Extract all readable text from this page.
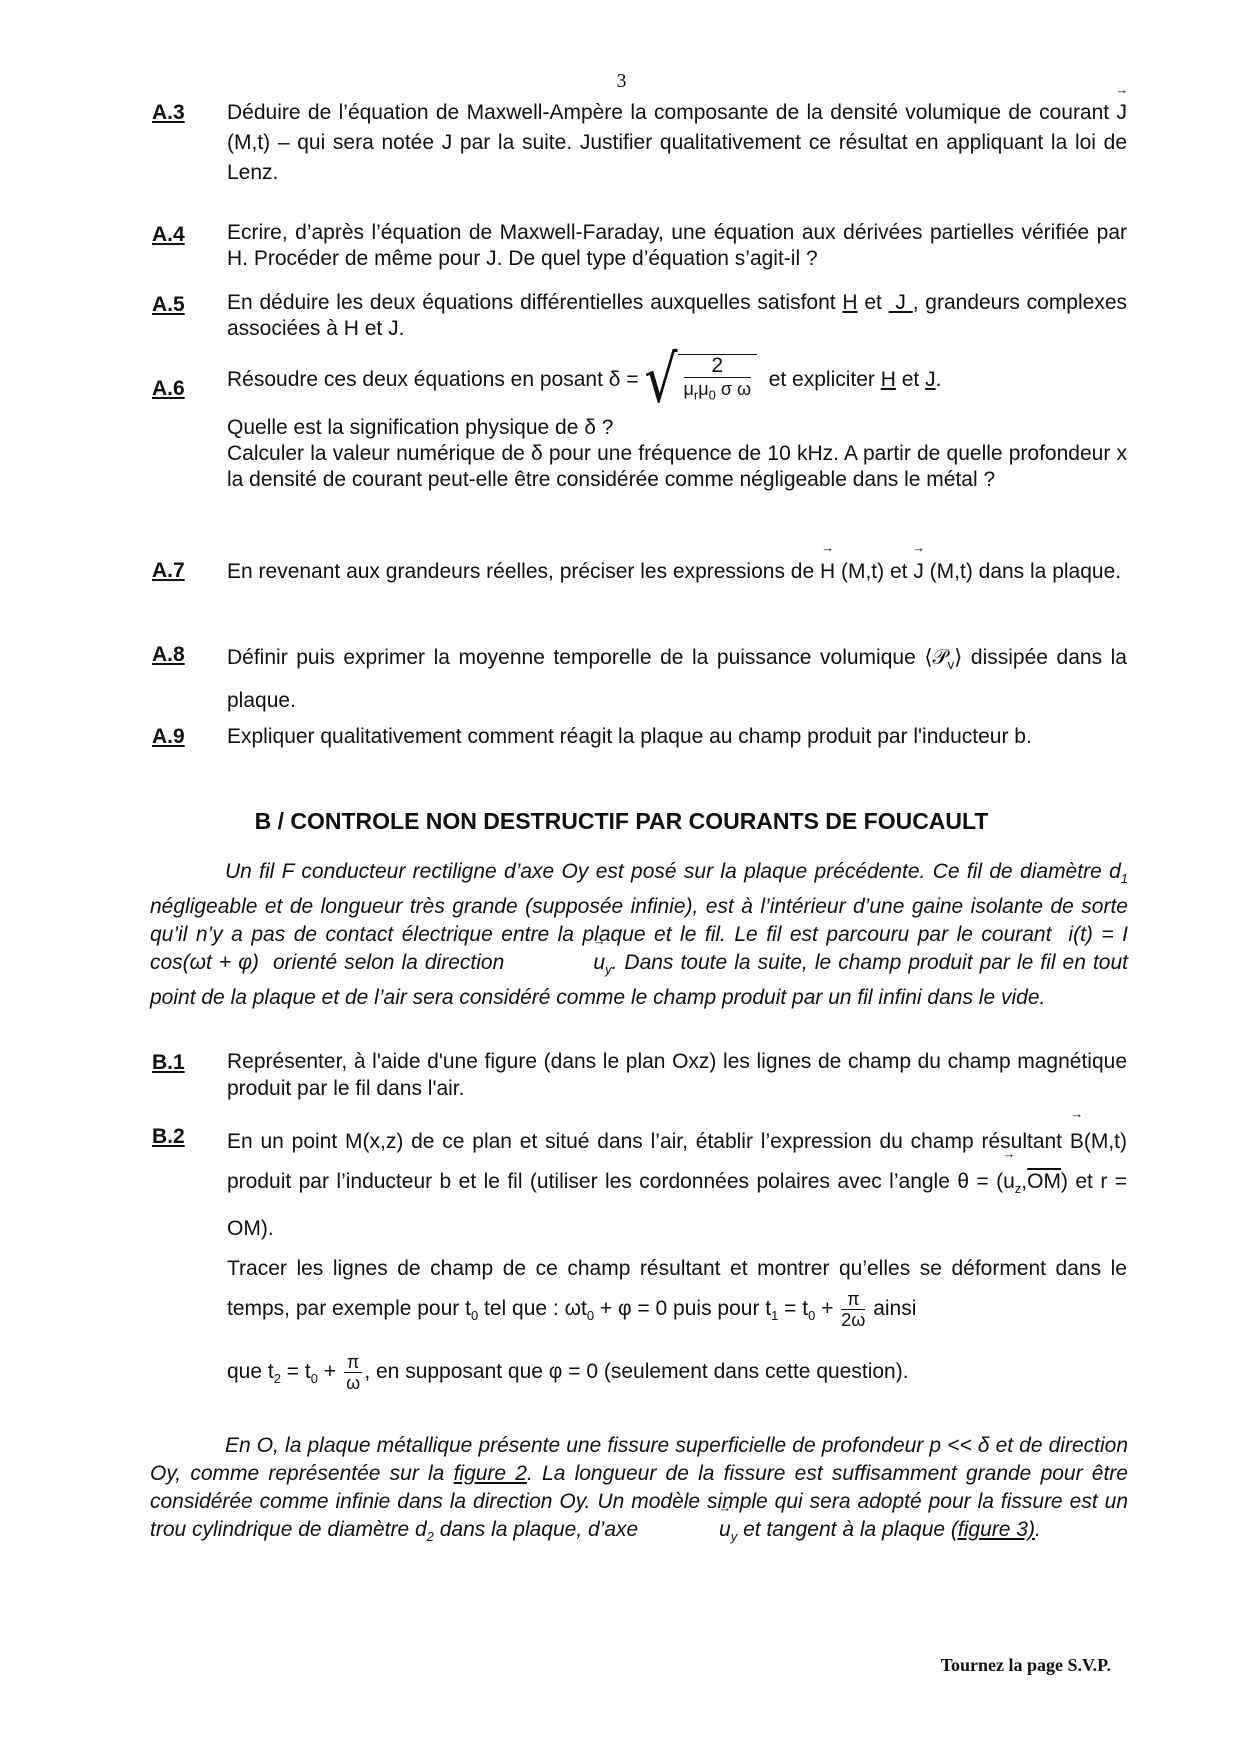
3
A.3 Déduire de l’équation de Maxwell-Ampère la composante de la densité volumique de courant → J (M,t) – qui sera notée J par la suite. Justifier qualitativement ce résultat en appliquant la loi de Lenz.
A.4 Ecrire, d’après l’équation de Maxwell-Faraday, une équation aux dérivées partielles vérifiée par H. Procéder de même pour J. De quel type d’équation s’agit-il ?
A.5 En déduire les deux équations différentielles auxquelles satisfont H et  J , grandeurs complexes associées à H et J.
A.6 Résoudre ces deux équations en posant δ = √ 2
$\mu_r\mu_0$ σ ω et expliciter H et J.

Quelle est la signification physique de δ ?

Calculer la valeur numérique de δ pour une fréquence de 10 kHz. A partir de quelle profondeur x la densité de courant peut-elle être considérée comme négligeable dans le métal ?

A.7 En revenant aux grandeurs réelles, préciser les expressions de → H (M,t) et → J (M,t) dans la plaque.
A.8 Définir puis exprimer la moyenne temporelle de la puissance volumique ⟨𝒫$_v$⟩ dissipée dans la plaque.
A.9 Expliquer qualitativement comment réagit la plaque au champ produit par l'inducteur b.
B / CONTROLE NON DESTRUCTIF PAR COURANTS DE FOUCAULT

Un fil F conducteur rectiligne d’axe Oy est posé sur la plaque précédente. Ce fil de diamètre $d_1$ négligeable et de longueur très grande (supposée infinie), est à l’intérieur d’une gaine isolante de sorte qu’il n’y a pas de contact électrique entre la plaque et le fil. Le fil est parcouru par le courant  i(t) = I cos(ωt + φ)  orienté selon la direction	→ $u_y$. Dans toute la suite, le champ produit par le fil en tout point de la plaque et de l’air sera considéré comme le champ produit par un fil infini dans le vide.

B.1 Représenter, à l'aide d'une figure (dans le plan Oxz) les lignes de champ du champ magnétique produit par le fil dans l'air.
B.2 En un point M(x,z) de ce plan et situé dans l’air, établir l’expression du champ résultant → B(M,t) produit par l’inducteur b et le fil (utiliser les cordonnées polaires avec l’angle θ = (→ $u_z,\overline{OM}$) et r = OM).

Tracer les lignes de champ de ce champ résultant et montrer qu’elles se déforment dans le temps, par exemple pour $t_0$ tel que : $\omega t_0 + \varphi = 0$ puis pour $t_1 = t_0 + \frac{\pi}{2\omega}$ ainsi

que $t_2 = t_0 + \frac{\pi}{\omega}$ , en supposant que φ = 0 (seulement dans cette question).

En O, la plaque métallique présente une fissure superficielle de profondeur p << δ et de direction Oy, comme représentée sur la figure 2. La longueur de la fissure est suffisamment grande pour être considérée comme infinie dans la direction Oy. Un modèle simple qui sera adopté pour la fissure est un trou cylindrique de diamètre $d_2$ dans la plaque, d’axe	→ $u_y$ et tangent à la plaque (figure 3).

Tournez la page S.V.P.
